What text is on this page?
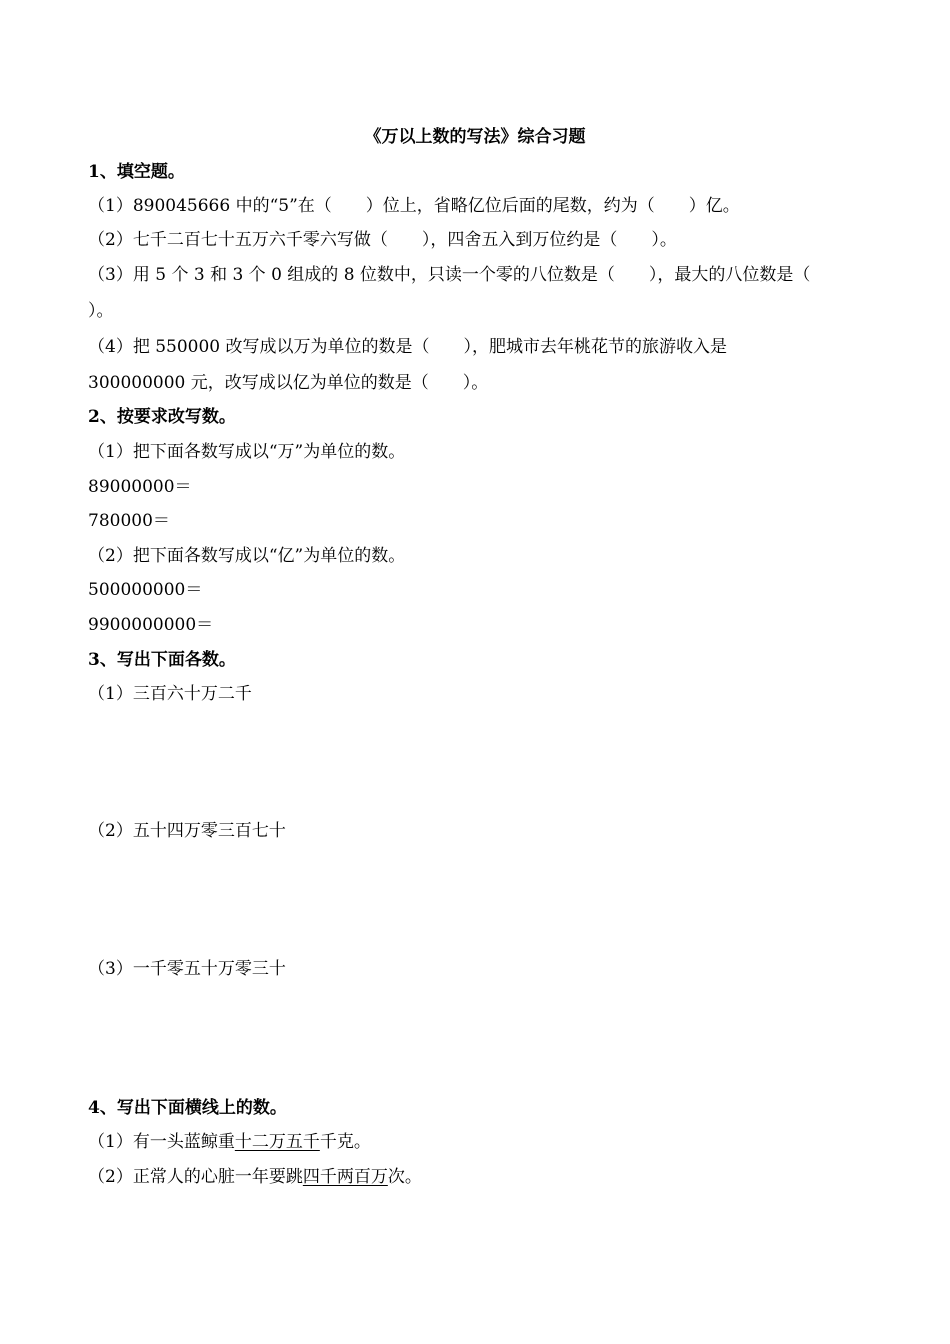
《万以上数的写法》综合习题
1、填空题。
（1）890045666 中的“5”在（　　）位上，省略亿位后面的尾数，约为（　　）亿。
（2）七千二百七十五万六千零六写做（　　），四舍五入到万位约是（　　）。
（3）用 5 个 3 和 3 个 0 组成的 8 位数中，只读一个零的八位数是（　　），最大的八位数是（
）。
（4）把 550000 改写成以万为单位的数是（　　），肥城市去年桃花节的旅游收入是
300000000 元，改写成以亿为单位的数是（　　）。
2、按要求改写数。
（1）把下面各数写成以“万”为单位的数。
89000000＝
780000＝
（2）把下面各数写成以“亿”为单位的数。
500000000＝
9900000000＝
3、写出下面各数。
（1）三百六十万二千
（2）五十四万零三百七十
（3）一千零五十万零三十
4、写出下面横线上的数。
（1）有一头蓝鲸重十二万五千千克。
（2）正常人的心脏一年要跳四千两百万次。
